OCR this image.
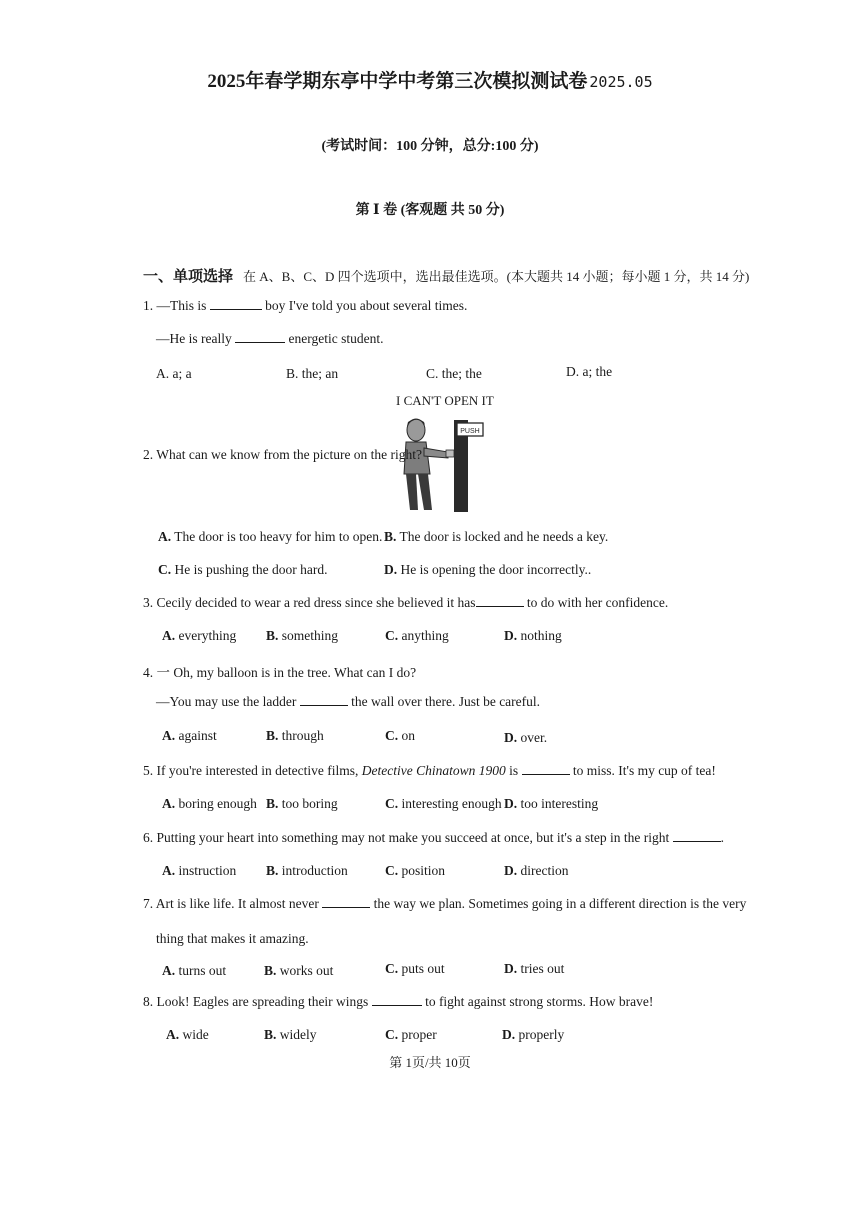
2025年春学期东亭中学中考第三次模拟测试卷 2025.05
(考试时间：100 分钟，总分:100 分)
第 Ⅰ 卷 (客观题 共 50 分)
一、单项选择 在 A、B、C、D 四个选项中，选出最佳选项。(本大题共 14 小题；每小题 1 分，共 14 分)
1. —This is	boy I've told you about several times.
—He is really	energetic student.
A. a; a	B. the; an	C. the; the	D. a; the
I CAN'T OPEN IT
PUSH
2. What can we know from the picture on the right?
A. The door is too heavy for him to open. B. The door is locked and he needs a key.
C. He is pushing the door hard.	D. He is opening the door incorrectly..
3. Cecily decided to wear a red dress since she believed it has	to do with her confidence.
A. everything B. something	C. anything	D. nothing
4. 一 Oh, my balloon is in the tree. What can I do?
—You may use the ladder	the wall over there. Just be careful.
A. against	B. through	C. on	D. over.
5. If you're interested in detective films, Detective Chinatown 1900 is	to miss. It's my cup of tea!
A. boring enough B. too boring	C. interesting enough D. too interesting
6. Putting your heart into something may not make you succeed at once, but it's a step in the right	.
A. instruction B. introduction	C. position	D. direction
7. Art is like life. It almost never	the way we plan. Sometimes going in a different direction is the very
thing that makes it amazing.
A. turns out	B. works out	C. puts out	D. tries out
8. Look! Eagles are spreading their wings	to fight against strong storms. How brave!
A. wide	B. widely	C. proper	D. properly
第 1页/共 10页
